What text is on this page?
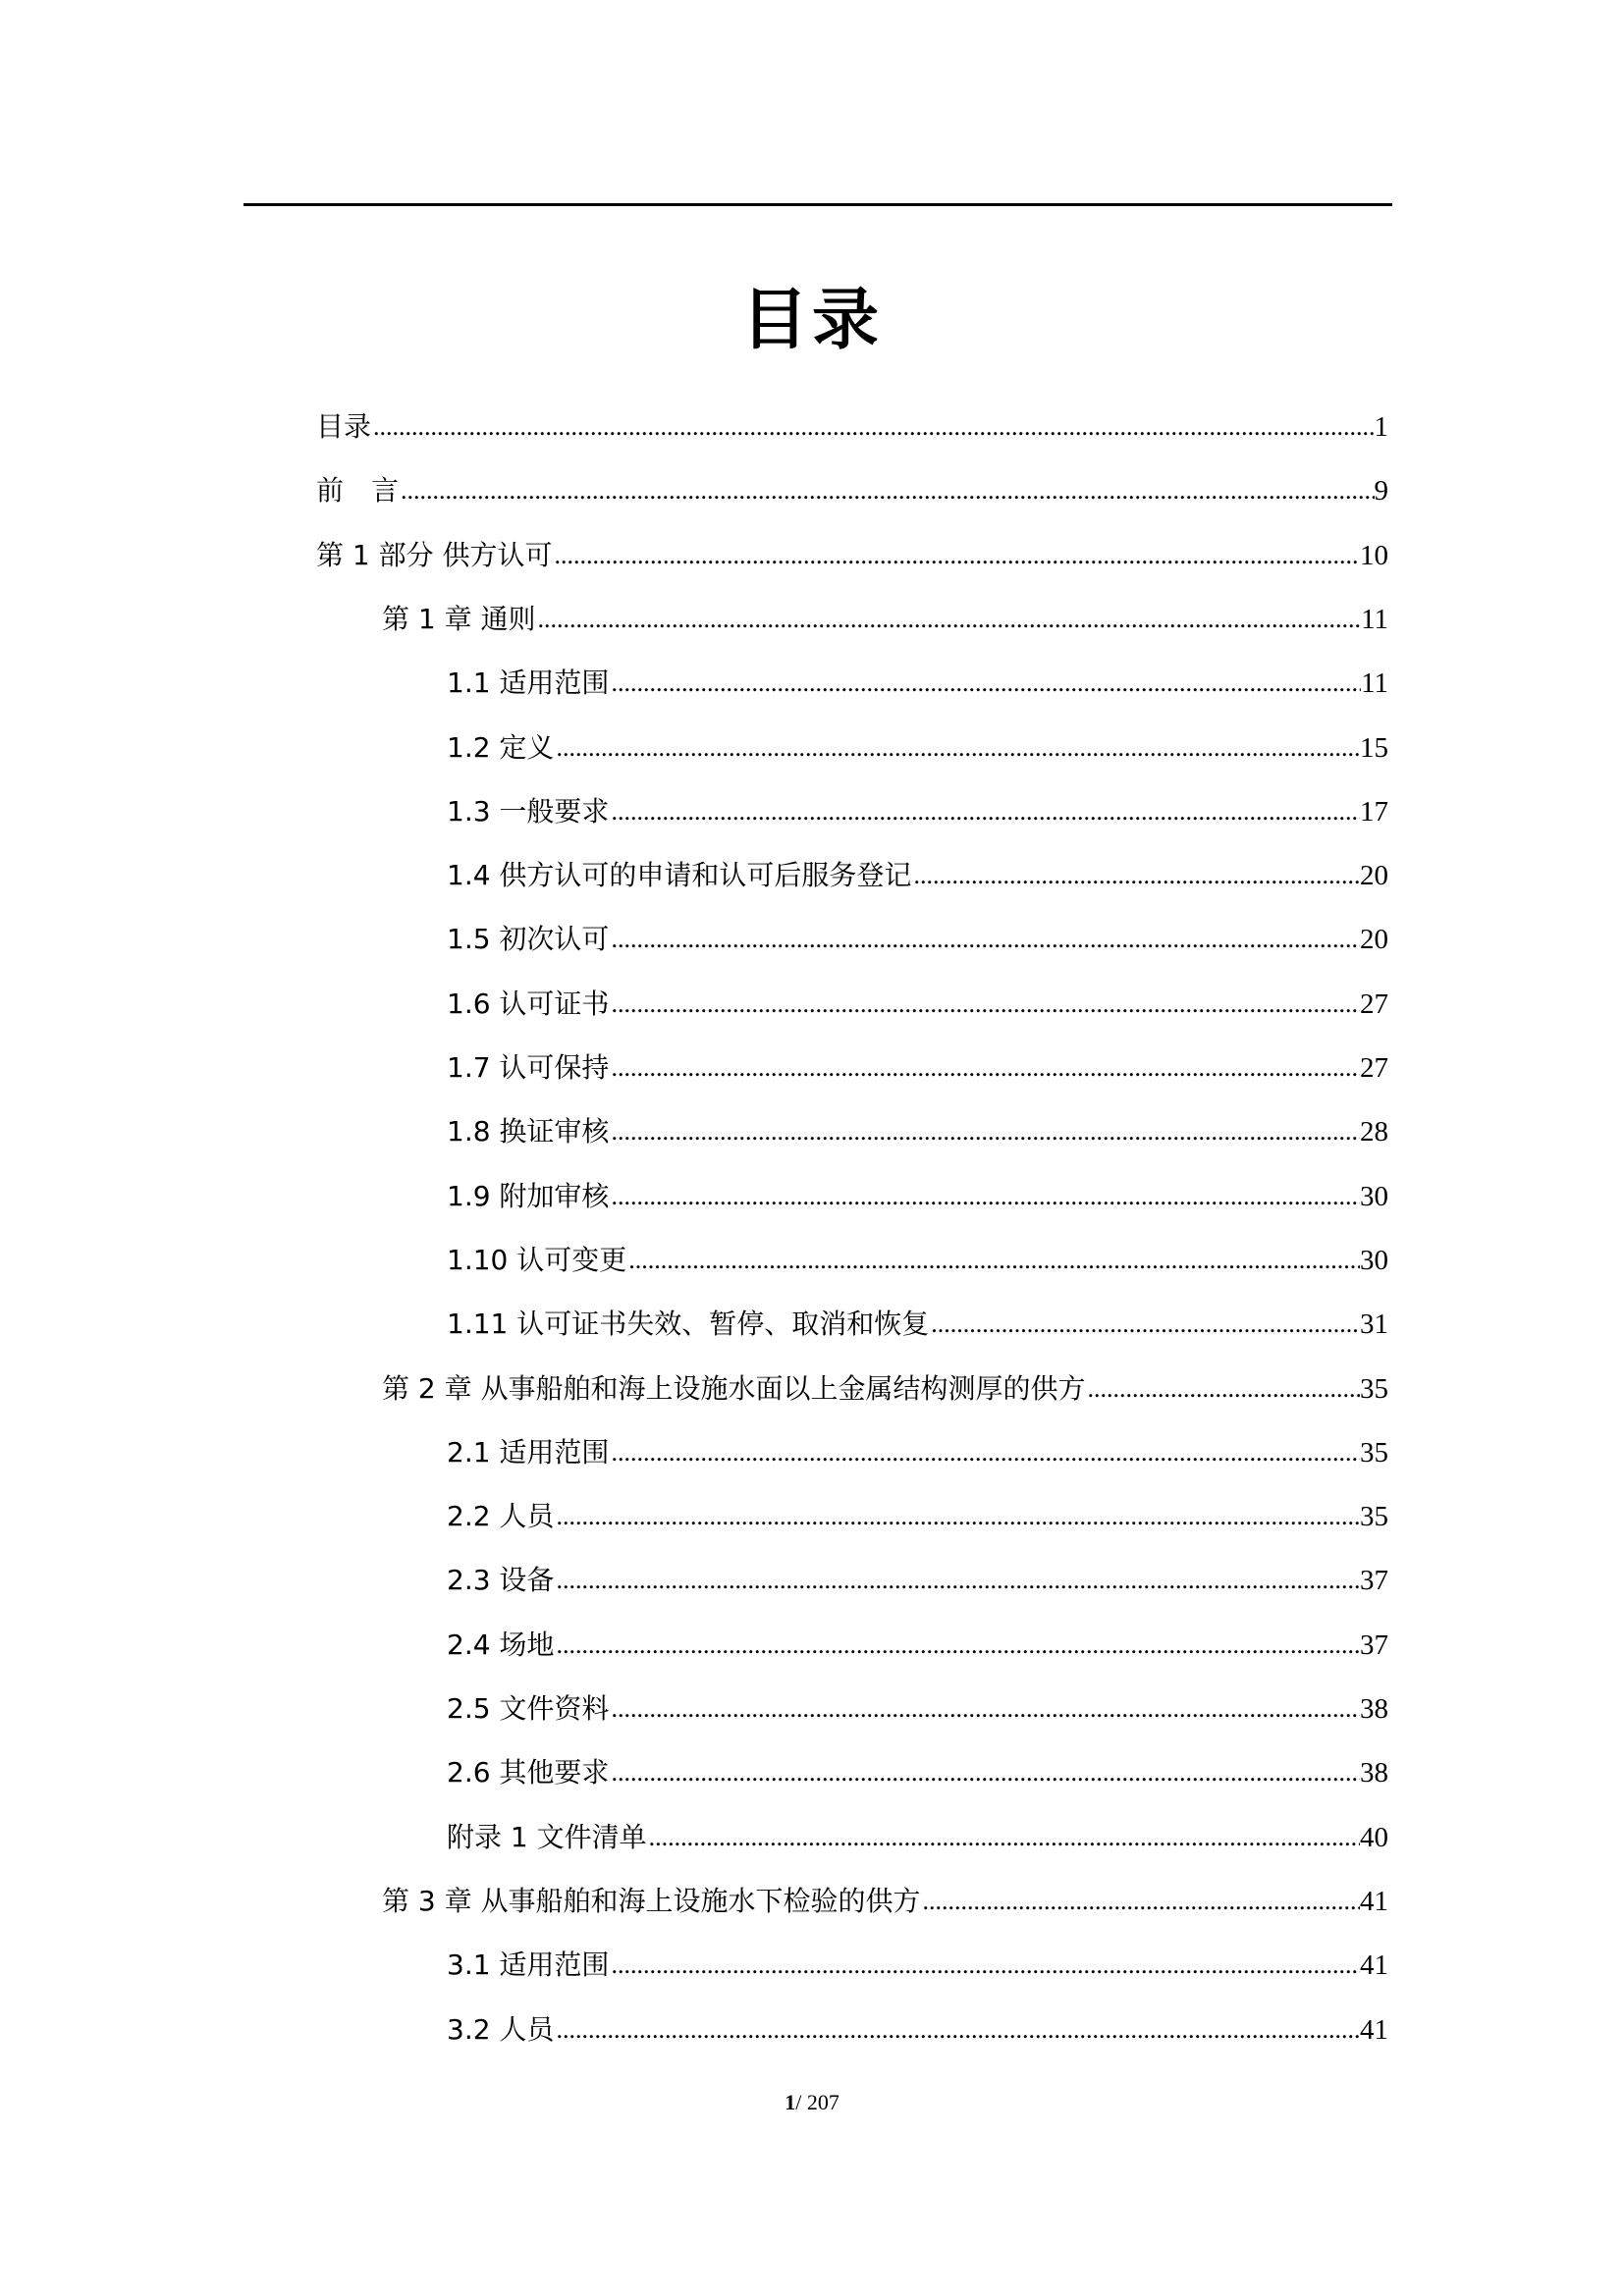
目录
目录 .....	1
前　言 .....	9
第 1 部分 供方认可 .....	10
第 1 章 通则 .....	11
1.1 适用范围 .....	11
1.2 定义 .....	15
1.3 一般要求 .....	17
1.4 供方认可的申请和认可后服务登记 .....	20
1.5 初次认可 .....	20
1.6 认可证书 .....	27
1.7 认可保持 .....	27
1.8 换证审核 .....	28
1.9 附加审核 .....	30
1.10 认可变更 .....	30
1.11 认可证书失效、暂停、取消和恢复 .....	31
第 2 章 从事船舶和海上设施水面以上金属结构测厚的供方 .....	35
2.1 适用范围 .....	35
2.2 人员 .....	35
2.3 设备 .....	37
2.4 场地 .....	37
2.5 文件资料 .....	38
2.6 其他要求 .....	38
附录 1 文件清单 .....	40
第 3 章 从事船舶和海上设施水下检验的供方 .....	41
3.1 适用范围 .....	41
3.2 人员 .....	41
1/ 207
